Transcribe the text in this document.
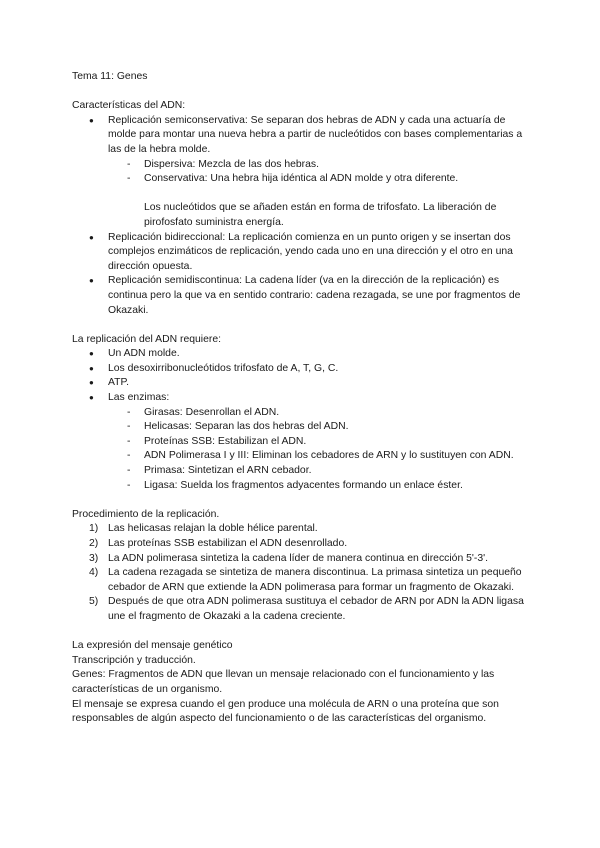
Tema 11: Genes

Características del ADN:

● Replicación semiconservativa: Se separan dos hebras de ADN y cada una actuaría de molde para montar una nueva hebra a partir de nucleótidos con bases complementarias a las de la hebra molde.
- Dispersiva: Mezcla de las dos hebras.
- Conservativa: Una hebra hija idéntica al ADN molde y otra diferente.
Los nucleótidos que se añaden están en forma de trifosfato. La liberación de pirofosfato suministra energía.
● Replicación bidireccional: La replicación comienza en un punto origen y se insertan dos complejos enzimáticos de replicación, yendo cada uno en una dirección y el otro en una dirección opuesta.
● Replicación semidiscontinua: La cadena líder (va en la dirección de la replicación) es continua pero la que va en sentido contrario: cadena rezagada, se une por fragmentos de Okazaki.

La replicación del ADN requiere:

● Un ADN molde.
● Los desoxirribonucleótidos trifosfato de A, T, G, C.
● ATP.
● Las enzimas:
- Girasas: Desenrollan el ADN.
- Helicasas: Separan las dos hebras del ADN.
- Proteínas SSB: Estabilizan el ADN.
- ADN Polimerasa I y III: Eliminan los cebadores de ARN y lo sustituyen con ADN.
- Primasa: Sintetizan el ARN cebador.
- Ligasa: Suelda los fragmentos adyacentes formando un enlace éster.

Procedimiento de la replicación.

1) Las helicasas relajan la doble hélice parental.
2) Las proteínas SSB estabilizan el ADN desenrollado.
3) La ADN polimerasa sintetiza la cadena líder de manera continua en dirección 5'-3'.
4) La cadena rezagada se sintetiza de manera discontinua. La primasa sintetiza un pequeño cebador de ARN que extiende la ADN polimerasa para formar un fragmento de Okazaki.
5) Después de que otra ADN polimerasa sustituya el cebador de ARN por ADN la ADN ligasa une el fragmento de Okazaki a la cadena creciente.

La expresión del mensaje genético

Transcripción y traducción.

Genes: Fragmentos de ADN que llevan un mensaje relacionado con el funcionamiento y las características de un organismo.

El mensaje se expresa cuando el gen produce una molécula de ARN o una proteína que son responsables de algún aspecto del funcionamiento o de las características del organismo.
